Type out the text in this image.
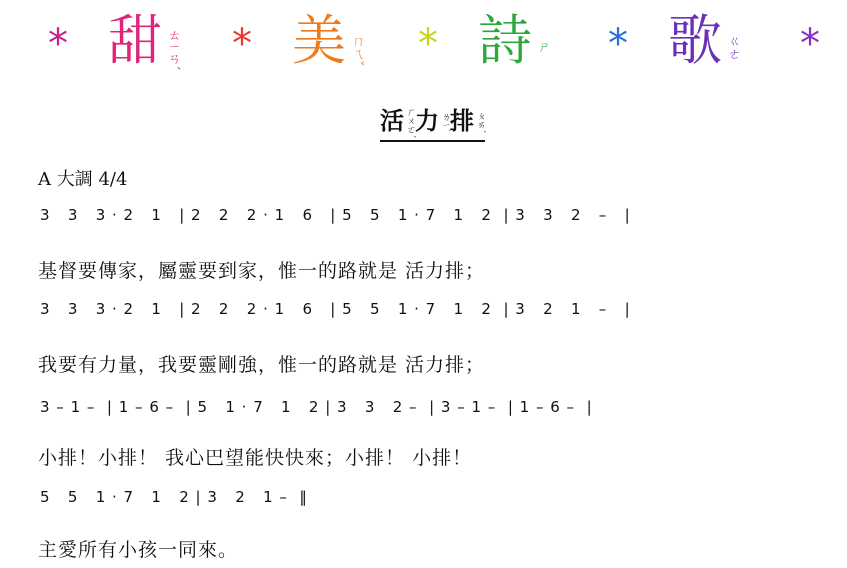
* 甜 ㄊㄧㄢˊ * 美 ㄇㄟˇ * 詩 ㄕ * 歌 ㄍㄜ *
活ㄏㄨㄛˊ力ㄌㄧˋ排ㄆㄞˊ
A 大調 4/4
3   3   3 · 2   1   | 2   2   2 · 1   6   | 5   5   1 · 7   1   2  | 3   3   2   –   |
基督要傳家，屬靈要到家，惟一的路就是 活力排；
3   3   3 · 2   1   | 2   2   2 · 1   6   | 5   5   1 · 7   1   2  | 3   2   1   –   |
我要有力量，我要靈剛強，惟一的路就是 活力排；
3 – 1 –  | 1 – 6 –  | 5   1 · 7   1   2 | 3   3   2 –  | 3 – 1 –  | 1 – 6 –  |
小排！小排！ 我心巴望能快快來；小排！ 小排！
5   5   1 · 7   1   2 | 3   2   1 –  ‖
主愛所有小孩一同來。
